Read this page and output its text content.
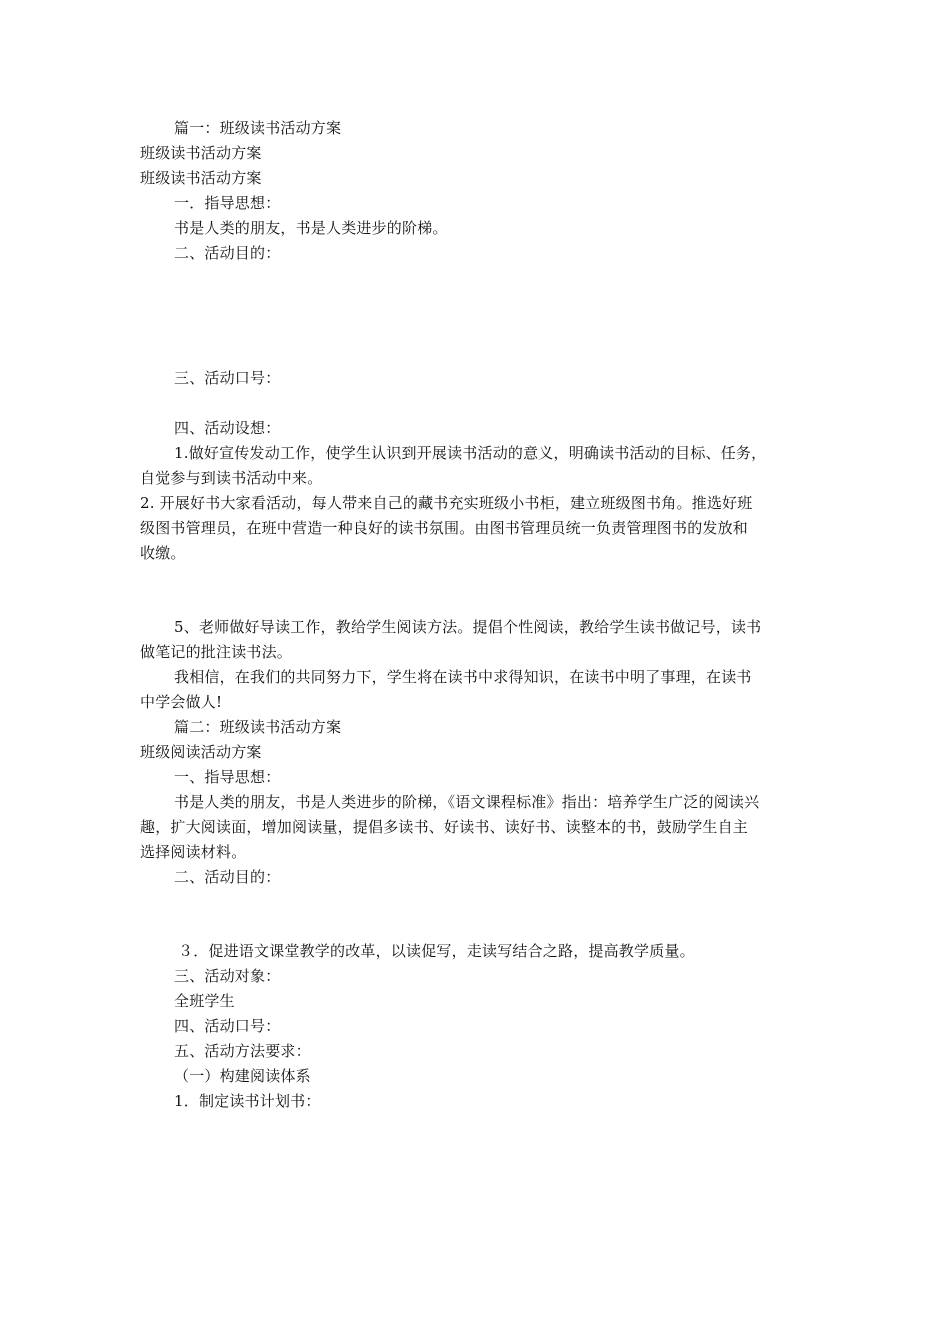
篇一：班级读书活动方案
班级读书活动方案
班级读书活动方案
一．指导思想：
书是人类的朋友，书是人类进步的阶梯。
二、活动目的：
三、活动口号：
四、活动设想：
1.做好宣传发动工作，使学生认识到开展读书活动的意义，明确读书活动的目标、任务，
自觉参与到读书活动中来。
2. 开展好书大家看活动，每人带来自己的藏书充实班级小书柜，建立班级图书角。推选好班
级图书管理员，在班中营造一种良好的读书氛围。由图书管理员统一负责管理图书的发放和
收缴。
5、老师做好导读工作，教给学生阅读方法。提倡个性阅读，教给学生读书做记号，读书
做笔记的批注读书法。
我相信，在我们的共同努力下，学生将在读书中求得知识，在读书中明了事理，在读书
中学会做人!
篇二：班级读书活动方案
班级阅读活动方案
一、指导思想：
书是人类的朋友，书是人类进步的阶梯，《语文课程标准》指出：培养学生广泛的阅读兴
趣，扩大阅读面，增加阅读量，提倡多读书、好读书、读好书、读整本的书，鼓励学生自主
选择阅读材料。
二、活动目的：
３．促进语文课堂教学的改革，以读促写，走读写结合之路，提高教学质量。
三、活动对象：
全班学生
四、活动口号：
五、活动方法要求：
（一）构建阅读体系
1．制定读书计划书：
